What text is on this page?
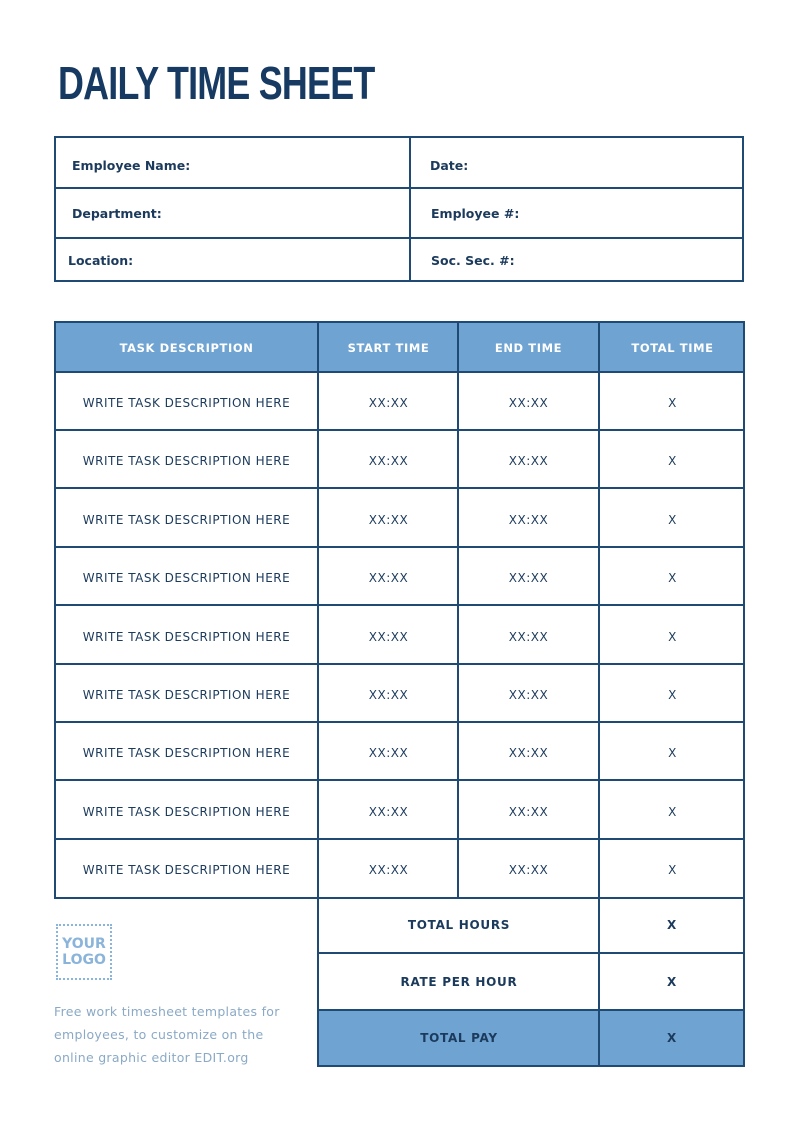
DAILY TIME SHEET
Employee Name:	Date:
Department:	Employee #:
Location:	Soc. Sec. #:
TASK DESCRIPTION	START TIME	END TIME	TOTAL TIME
WRITE TASK DESCRIPTION HERE	XX:XX	XX:XX	X
WRITE TASK DESCRIPTION HERE	XX:XX	XX:XX	X
WRITE TASK DESCRIPTION HERE	XX:XX	XX:XX	X
WRITE TASK DESCRIPTION HERE	XX:XX	XX:XX	X
WRITE TASK DESCRIPTION HERE	XX:XX	XX:XX	X
WRITE TASK DESCRIPTION HERE	XX:XX	XX:XX	X
WRITE TASK DESCRIPTION HERE	XX:XX	XX:XX	X
WRITE TASK DESCRIPTION HERE	XX:XX	XX:XX	X
WRITE TASK DESCRIPTION HERE	XX:XX	XX:XX	X
TOTAL HOURS	X
RATE PER HOUR	X
TOTAL PAY	X
YOUR
LOGO
Free work timesheet templates for employees, to customize on the online graphic editor EDIT.org
